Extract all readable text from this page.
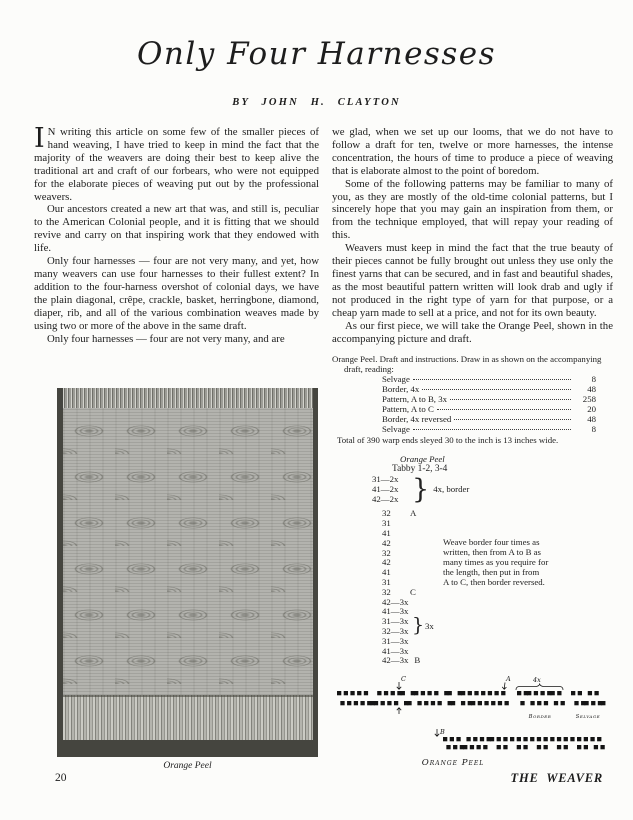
Only Four Harnesses
BY JOHN H. CLAYTON

I N writing this article on some few of the smaller pieces of hand weaving, I have tried to keep in mind the fact that the majority of the weavers are doing their best to keep alive the traditional art and craft of our forbears, who were not equipped for the elaborate pieces of weaving put out by the professional weavers.

Our ancestors created a new art that was, and still is, peculiar to the American Colonial people, and it is fitting that we should revive and carry on that inspiring work that they endowed with life.

Only four harnesses — four are not very many, and yet, how many weavers can use four harnesses to their fullest extent? In addition to the four-harness overshot of colonial days, we have the plain diagonal, crêpe, crackle, basket, herringbone, diamond, diaper, rib, and all of the various combination weaves made by using two or more of the above in the same draft.

Only four harnesses — four are not very many, and are

we glad, when we set up our looms, that we do not have to follow a draft for ten, twelve or more harnesses, the intense concentration, the hours of time to produce a piece of weaving that is elaborate almost to the point of boredom.

Some of the following patterns may be familiar to many of you, as they are mostly of the old-time colonial patterns, but I sincerely hope that you may gain an inspiration from them, or from the technique employed, that will repay your reading of this.

Weavers must keep in mind the fact that the true beauty of their pieces cannot be fully brought out unless they use only the finest yarns that can be secured, and in fast and beautiful shades, as the most beautiful pattern written will look drab and ugly if not produced in the right type of yarn for that purpose, or a cheap yarn made to sell at a price, and not for its own beauty.

As our first piece, we will take the Orange Peel, shown in the accompanying picture and draft.

Orange Peel. Draft and instructions. Draw in as shown on the accompanying draft, reading:
Selvage	8
Border, 4x	48
Pattern, A to B, 3x	258
Pattern, A to C	20
Border, 4x reversed	48
Selvage	8
Total of 390 warp ends sleyed 30 to the inch is 13 inches wide.
Orange Peel
Tabby 1-2, 3-4
31—2x
41—2x
42—2x } 4x, border
Weave border four times as
written, then from A to B as
many times as you require for
the length, then put in from
A to C, then border reversed.
32 A
31
41
42
32
42
41
31
32 C
} 3x
42—3x
41—3x
31—3x
32—3x
31—3x
41—3x
42—3x B
Orange Peel
C	A	4x
Border	Selvage
B
Orange Peel
20	THE WEAVER
